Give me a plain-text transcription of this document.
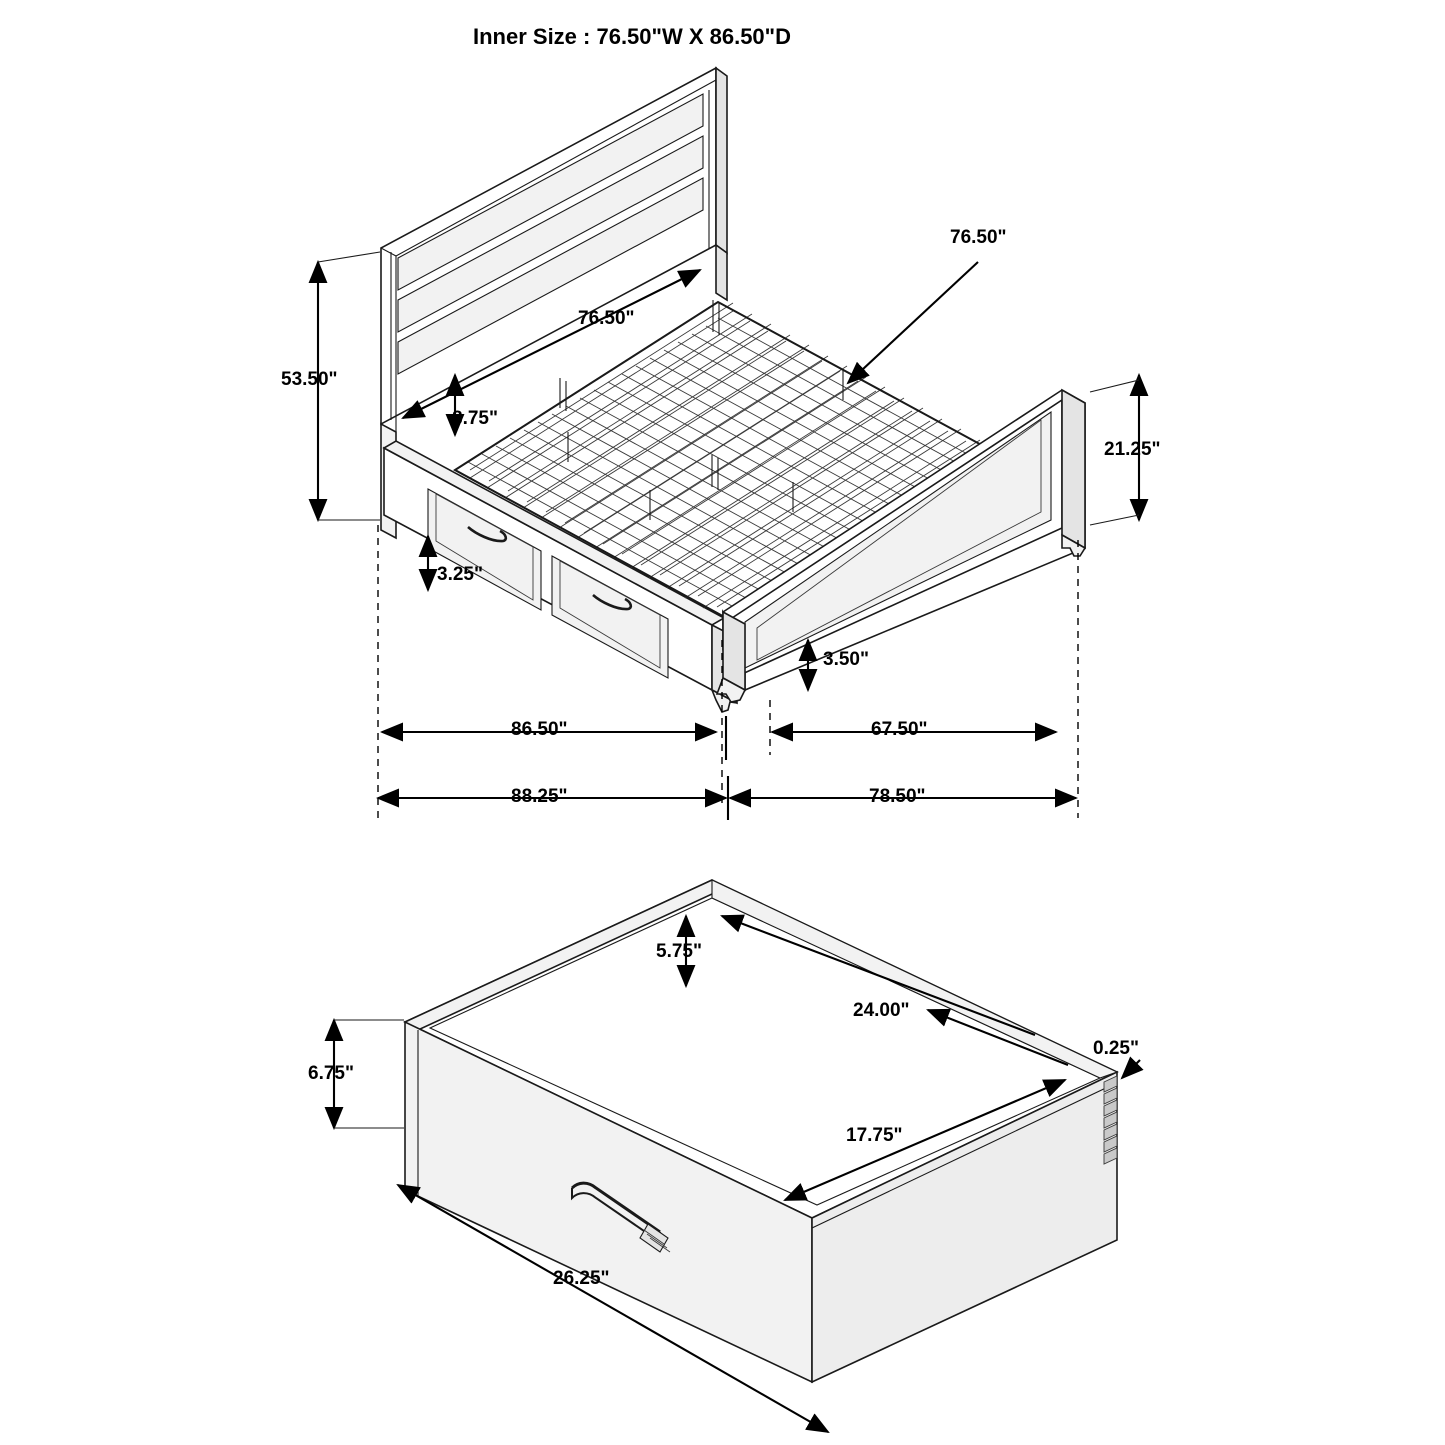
Inner Size : 76.50"W X 86.50"D
53.50"
76.50"
76.50"
8.75"
21.25"
3.25"
3.50"
86.50"	67.50"
88.25"	78.50"
5.75"
24.00"
0.25"
17.75"
6.75"
26.25"
